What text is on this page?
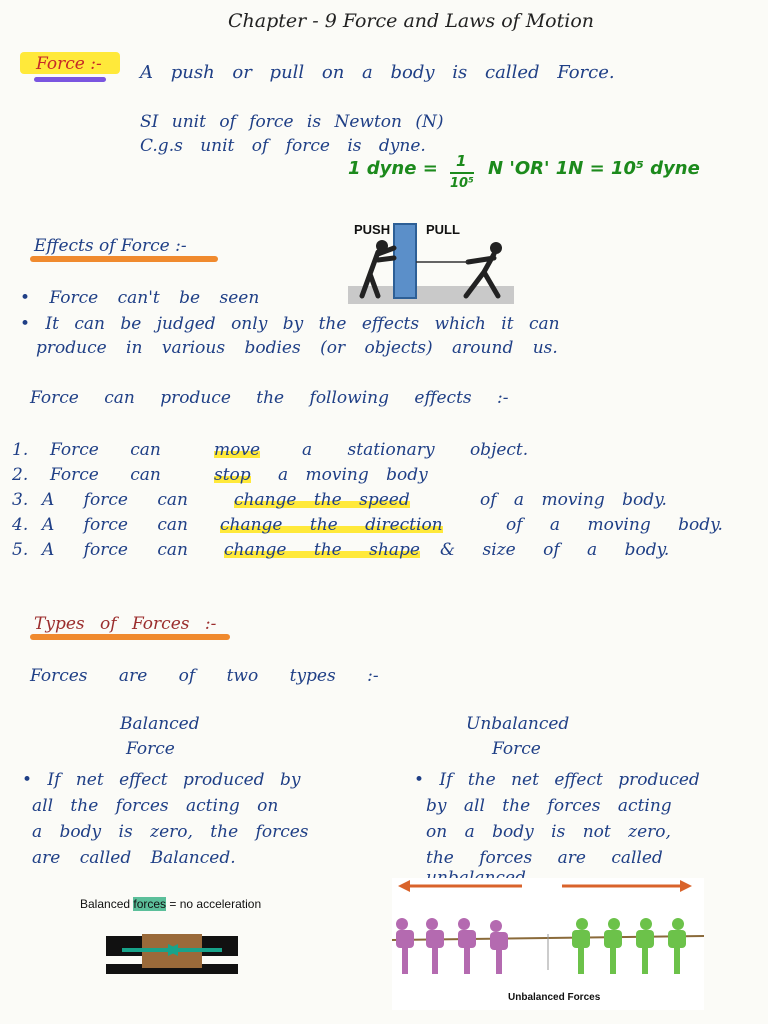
Chapter - 9 Force and Laws of Motion
Force :- A push or pull on a body is called Force.
SI unit of force is Newton (N)
C.g.s unit of force is dyne.
1 dyne = 1
10⁵
N 'OR' 1N = 10⁵ dyne
PUSH	PULL
Effects of Force :-
• Force can't be seen
• It can be judged only by the effects which it can
produce in various bodies (or objects) around us.
Force can produce the following effects :-
1. Force can	move a stationary object.
2. Force can	stop a moving body
3. A force can	change the speed	of a moving body.
4. A force can change the direction	of a moving body.
5. A force can change the shape & size of a body.
Types of Forces :-
Forces are of two types :-
Balanced
Force
• If net effect produced by
all the forces acting on
a body is zero, the forces
are called Balanced.
Unbalanced
Force
• If the net effect produced
by all the forces acting
on a body is not zero,
the forces are called
Balanced forces = no acceleration
Unbalanced Forces
